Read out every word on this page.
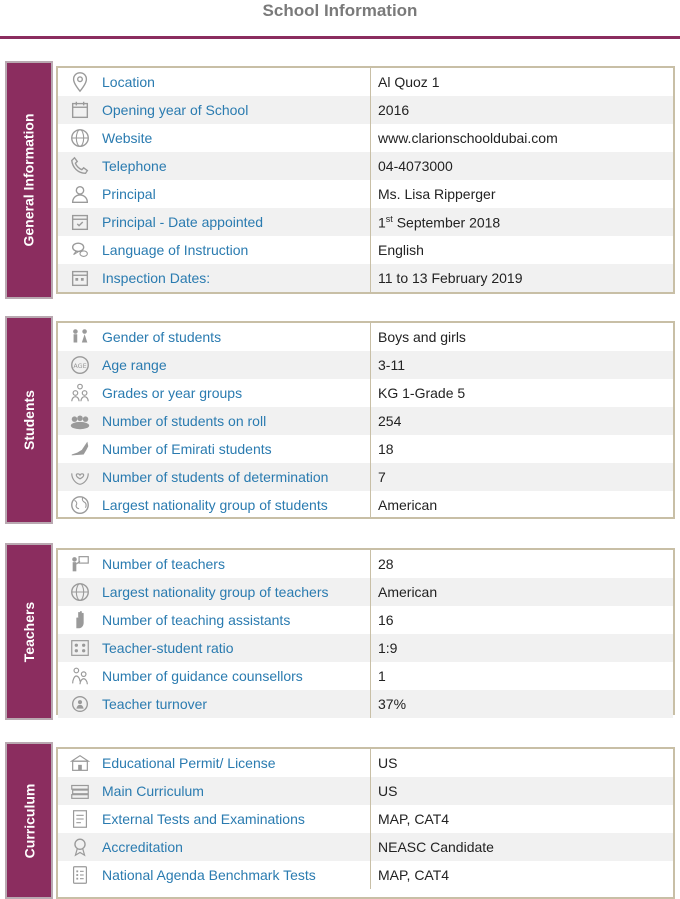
School Information
General Information
Location	Al Quoz 1
Opening year of School	2016
Website	www.clarionschooldubai.com
Telephone	04-4073000
Principal	Ms. Lisa Ripperger
Principal - Date appointed	1st September 2018
Language of Instruction	English
Inspection Dates:	11 to 13 February 2019
Students
Gender of students	Boys and girls
AGE Age range	3-11
Grades or year groups	KG 1-Grade 5
Number of students on roll	254
Number of Emirati students	18
Number of students of determination	7
Largest nationality group of students	American
Teachers
Number of teachers	28
Largest nationality group of teachers	American
Number of teaching assistants	16
Teacher-student ratio	1:9
Number of guidance counsellors	1
Teacher turnover	37%
Curriculum
Educational Permit/ License	US
Main Curriculum	US
External Tests and Examinations	MAP, CAT4
Accreditation	NEASC Candidate
National Agenda Benchmark Tests	MAP, CAT4
